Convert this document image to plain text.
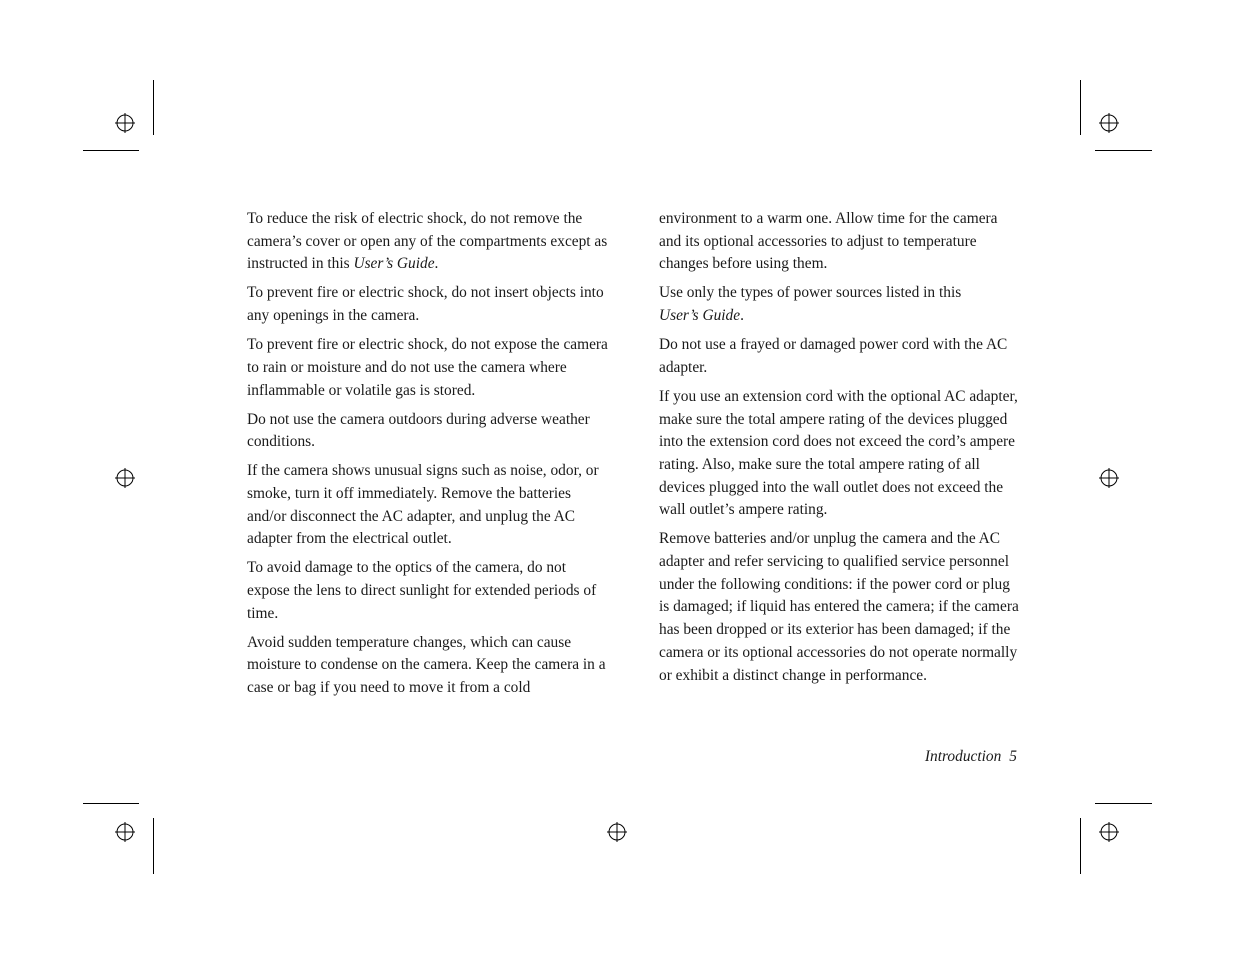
To reduce the risk of electric shock, do not remove the camera’s cover or open any of the compartments except as instructed in this User’s Guide.

To prevent fire or electric shock, do not insert objects into any openings in the camera.

To prevent fire or electric shock, do not expose the camera to rain or moisture and do not use the camera where inflammable or volatile gas is stored.

Do not use the camera outdoors during adverse weather conditions.

If the camera shows unusual signs such as noise, odor, or smoke, turn it off immediately. Remove the batteries and/or disconnect the AC adapter, and unplug the AC adapter from the electrical outlet.

To avoid damage to the optics of the camera, do not expose the lens to direct sunlight for extended periods of time.

Avoid sudden temperature changes, which can cause moisture to condense on the camera. Keep the camera in a case or bag if you need to move it from a cold

environment to a warm one. Allow time for the camera and its optional accessories to adjust to temperature changes before using them.

Use only the types of power sources listed in this
User’s Guide.

Do not use a frayed or damaged power cord with the AC adapter.

If you use an extension cord with the optional AC adapter, make sure the total ampere rating of the devices plugged into the extension cord does not exceed the cord’s ampere rating. Also, make sure the total ampere rating of all devices plugged into the wall outlet does not exceed the wall outlet’s ampere rating.

Remove batteries and/or unplug the camera and the AC adapter and refer servicing to qualified service personnel under the following conditions: if the power cord or plug is damaged; if liquid has entered the camera; if the camera has been dropped or its exterior has been damaged; if the camera or its optional accessories do not operate normally or exhibit a distinct change in performance.

Introduction 5
